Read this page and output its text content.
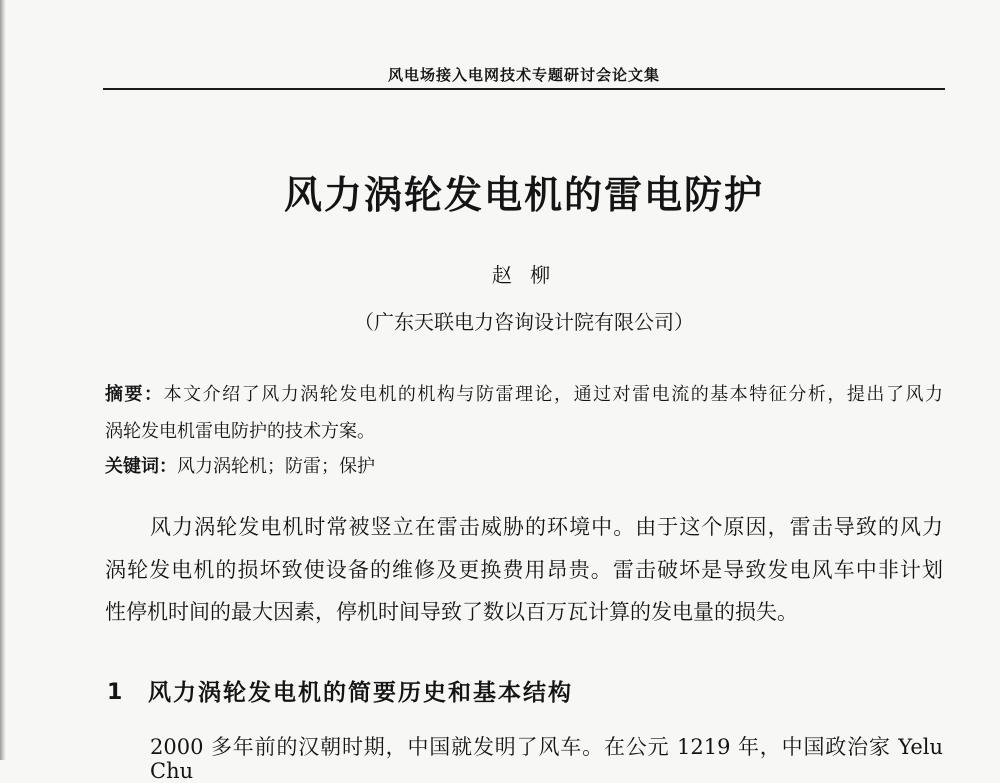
风电场接入电网技术专题研讨会论文集
风力涡轮发电机的雷电防护
赵 柳
（广东天联电力咨询设计院有限公司）
摘要：本文介绍了风力涡轮发电机的机构与防雷理论，通过对雷电流的基本特征分析，提出了风力
涡轮发电机雷电防护的技术方案。
关键词：风力涡轮机；防雷；保护
风力涡轮发电机时常被竖立在雷击威胁的环境中。由于这个原因，雷击导致的风力
涡轮发电机的损坏致使设备的维修及更换费用昂贵。雷击破坏是导致发电风车中非计划
性停机时间的最大因素，停机时间导致了数以百万瓦计算的发电量的损失。
1	风力涡轮发电机的简要历史和基本结构
2000 多年前的汉朝时期，中国就发明了风车。在公元 1219 年，中国政治家 Yelu Chu
